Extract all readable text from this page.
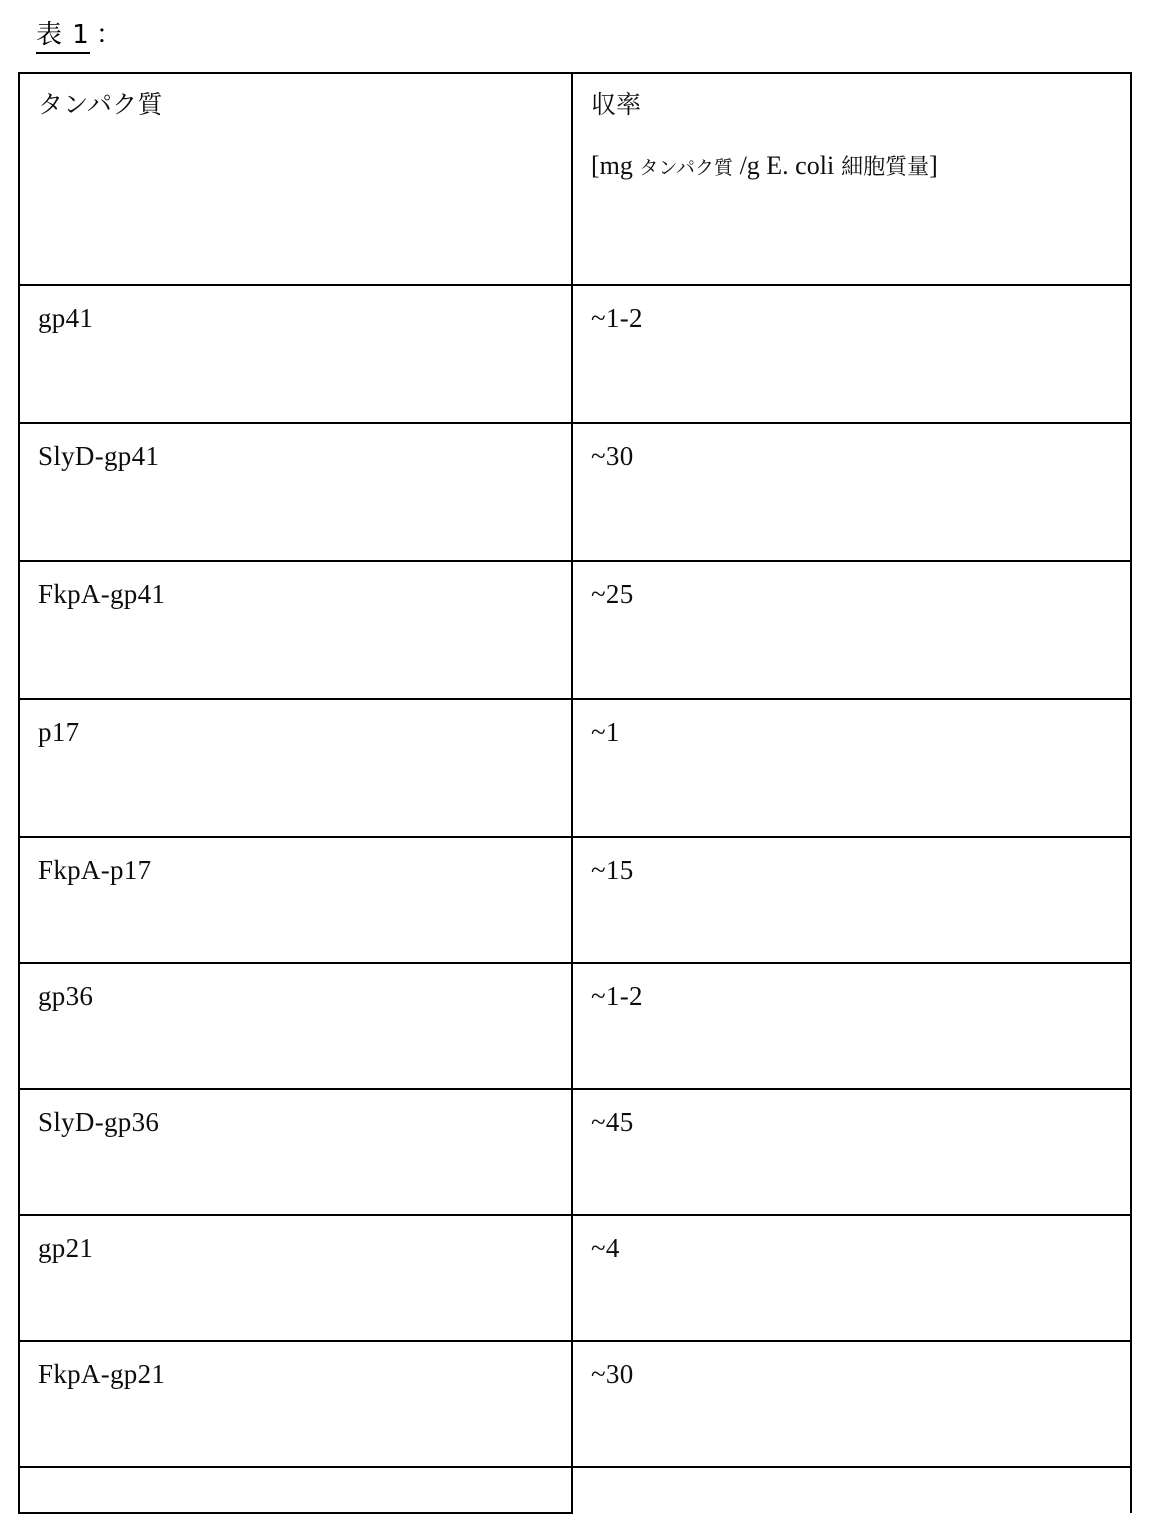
表 1 ：
タンパク質	収率
[mg タンパク質 /g E. coli 細胞質量]

gp41	~1-2
SlyD-gp41	~30
FkpA-gp41	~25
p17	~1
FkpA-p17	~15
gp36	~1-2
SlyD-gp36	~45
gp21	~4
FkpA-gp21	~30
